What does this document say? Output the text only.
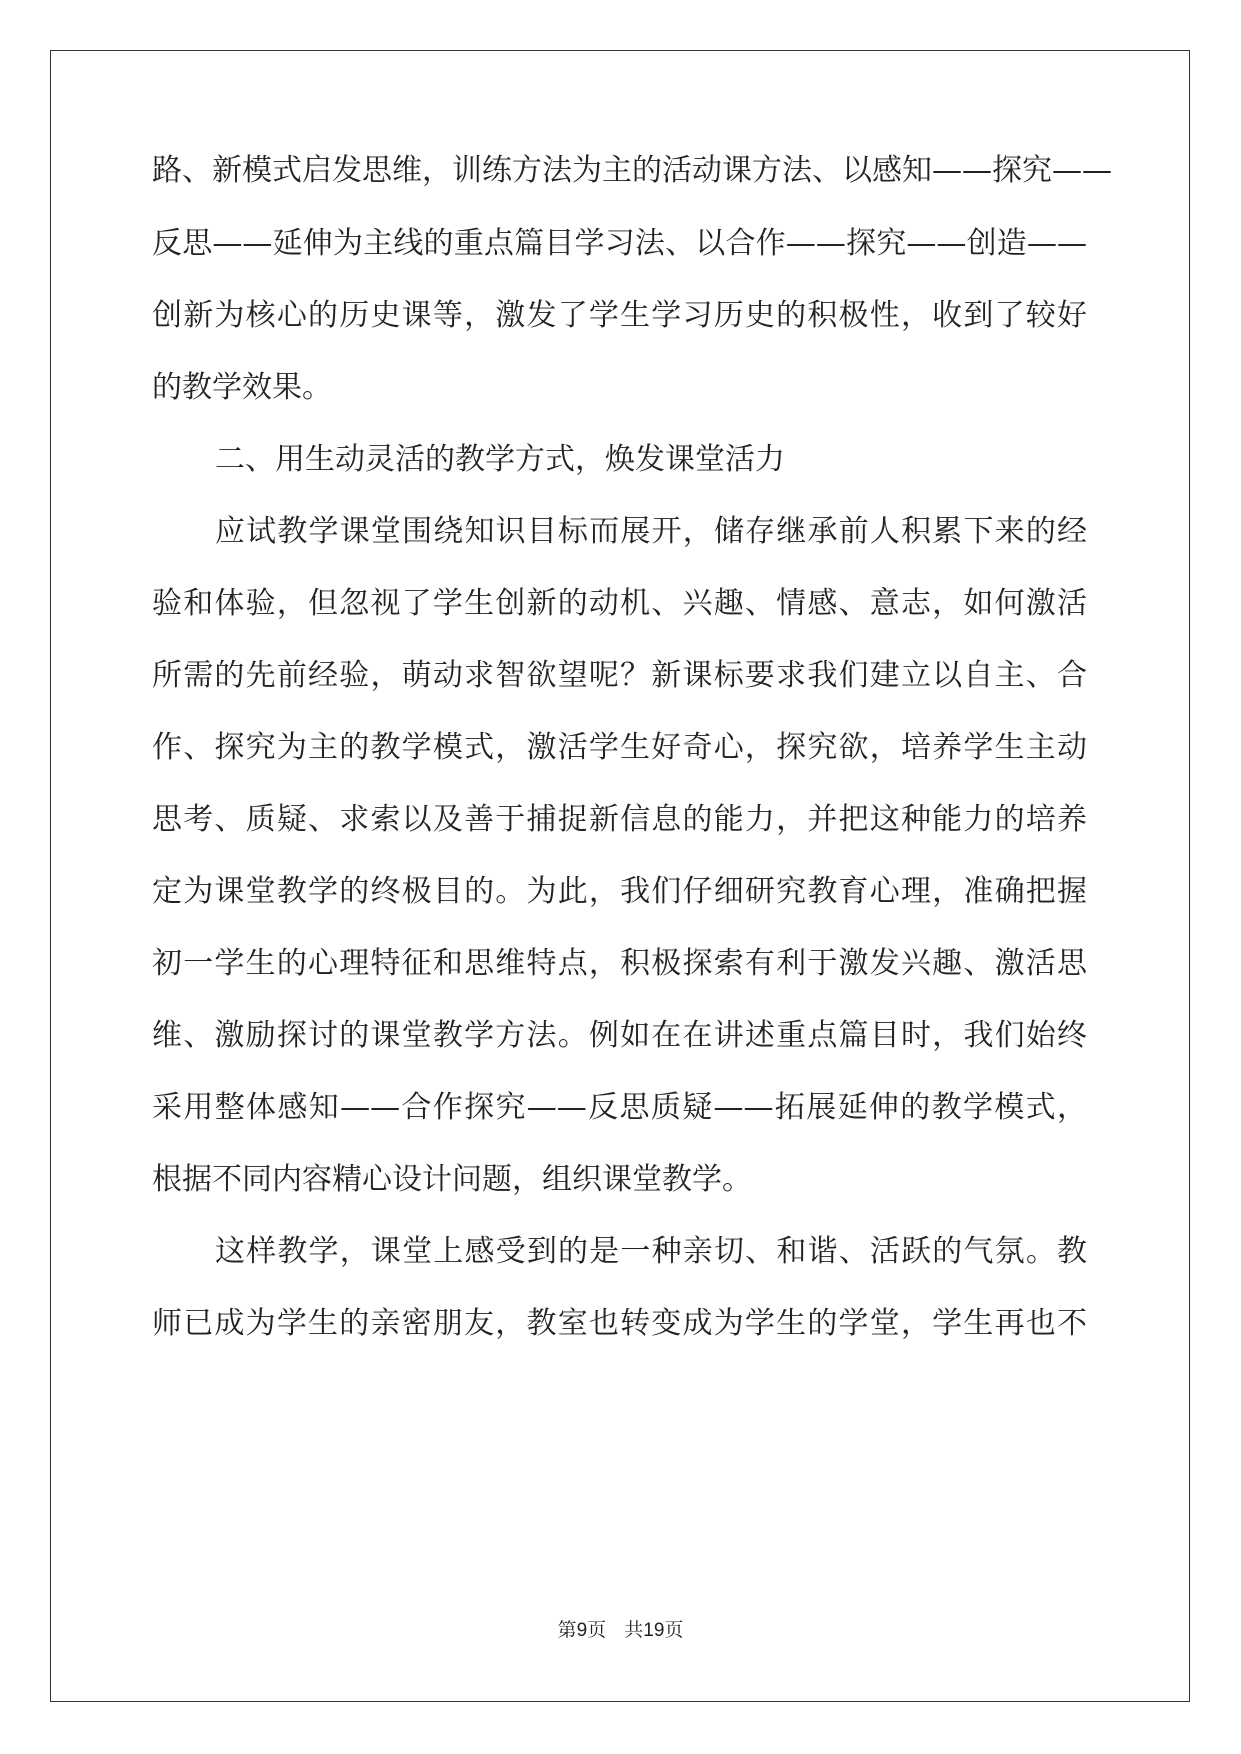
路、新模式启发思维，训练方法为主的活动课方法、以感知——探究——
反思——延伸为主线的重点篇目学习法、以合作——探究——创造——
创新为核心的历史课等，激发了学生学习历史的积极性，收到了较好
的教学效果。
二、用生动灵活的教学方式，焕发课堂活力
应试教学课堂围绕知识目标而展开，储存继承前人积累下来的经
验和体验，但忽视了学生创新的动机、兴趣、情感、意志，如何激活
所需的先前经验，萌动求智欲望呢？新课标要求我们建立以自主、合
作、探究为主的教学模式，激活学生好奇心，探究欲，培养学生主动
思考、质疑、求索以及善于捕捉新信息的能力，并把这种能力的培养
定为课堂教学的终极目的。为此，我们仔细研究教育心理，准确把握
初一学生的心理特征和思维特点，积极探索有利于激发兴趣、激活思
维、激励探讨的课堂教学方法。例如在在讲述重点篇目时，我们始终
采用整体感知——合作探究——反思质疑——拓展延伸的教学模式，
根据不同内容精心设计问题，组织课堂教学。
这样教学，课堂上感受到的是一种亲切、和谐、活跃的气氛。教
师已成为学生的亲密朋友，教室也转变成为学生的学堂，学生再也不
第9页 共19页
